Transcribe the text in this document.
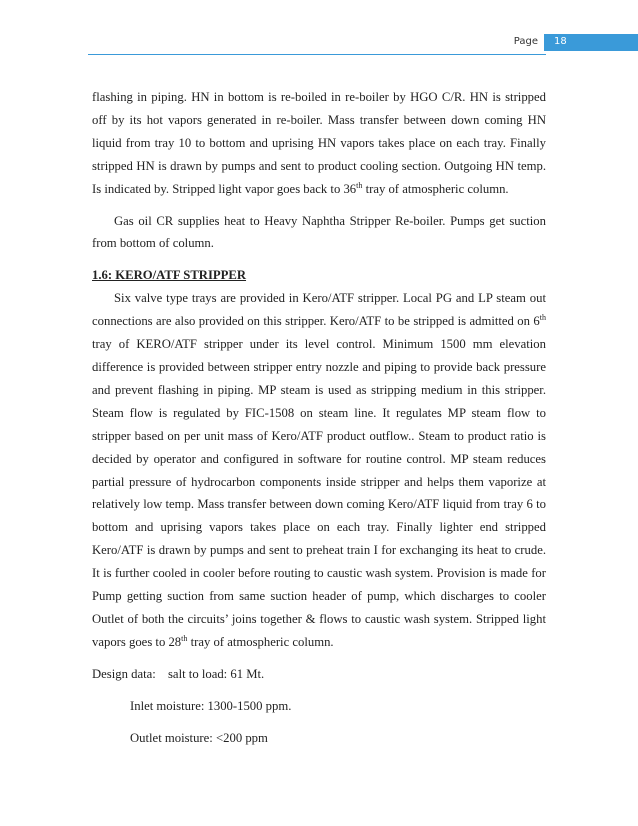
Page 18

flashing in piping. HN in bottom is re-boiled in re-boiler by HGO C/R. HN is stripped off by its hot vapors generated in re-boiler. Mass transfer between down coming HN liquid from tray 10 to bottom and uprising HN vapors takes place on each tray. Finally stripped HN is drawn by pumps and sent to product cooling section. Outgoing HN temp. Is indicated by. Stripped light vapor goes back to 36th tray of atmospheric column.

Gas oil CR supplies heat to Heavy Naphtha Stripper Re-boiler. Pumps get suction from bottom of column.

1.6: KERO/ATF STRIPPER

Six valve type trays are provided in Kero/ATF stripper. Local PG and LP steam out connections are also provided on this stripper. Kero/ATF to be stripped is admitted on 6th tray of KERO/ATF stripper under its level control. Minimum 1500 mm elevation difference is provided between stripper entry nozzle and piping to provide back pressure and prevent flashing in piping. MP steam is used as stripping medium in this stripper. Steam flow is regulated by FIC-1508 on steam line. It regulates MP steam flow to stripper based on per unit mass of Kero/ATF product outflow.. Steam to product ratio is decided by operator and configured in software for routine control. MP steam reduces partial pressure of hydrocarbon components inside stripper and helps them vaporize at relatively low temp. Mass transfer between down coming Kero/ATF liquid from tray 6 to bottom and uprising vapors takes place on each tray. Finally lighter end stripped Kero/ATF is drawn by pumps and sent to preheat train I for exchanging its heat to crude. It is further cooled in cooler before routing to caustic wash system. Provision is made for Pump getting suction from same suction header of pump, which discharges to cooler Outlet of both the circuits’ joins together & flows to caustic wash system. Stripped light vapors goes to 28th tray of atmospheric column.

Design data: salt to load: 61 Mt.

Inlet moisture: 1300-1500 ppm.

Outlet moisture: <200 ppm
